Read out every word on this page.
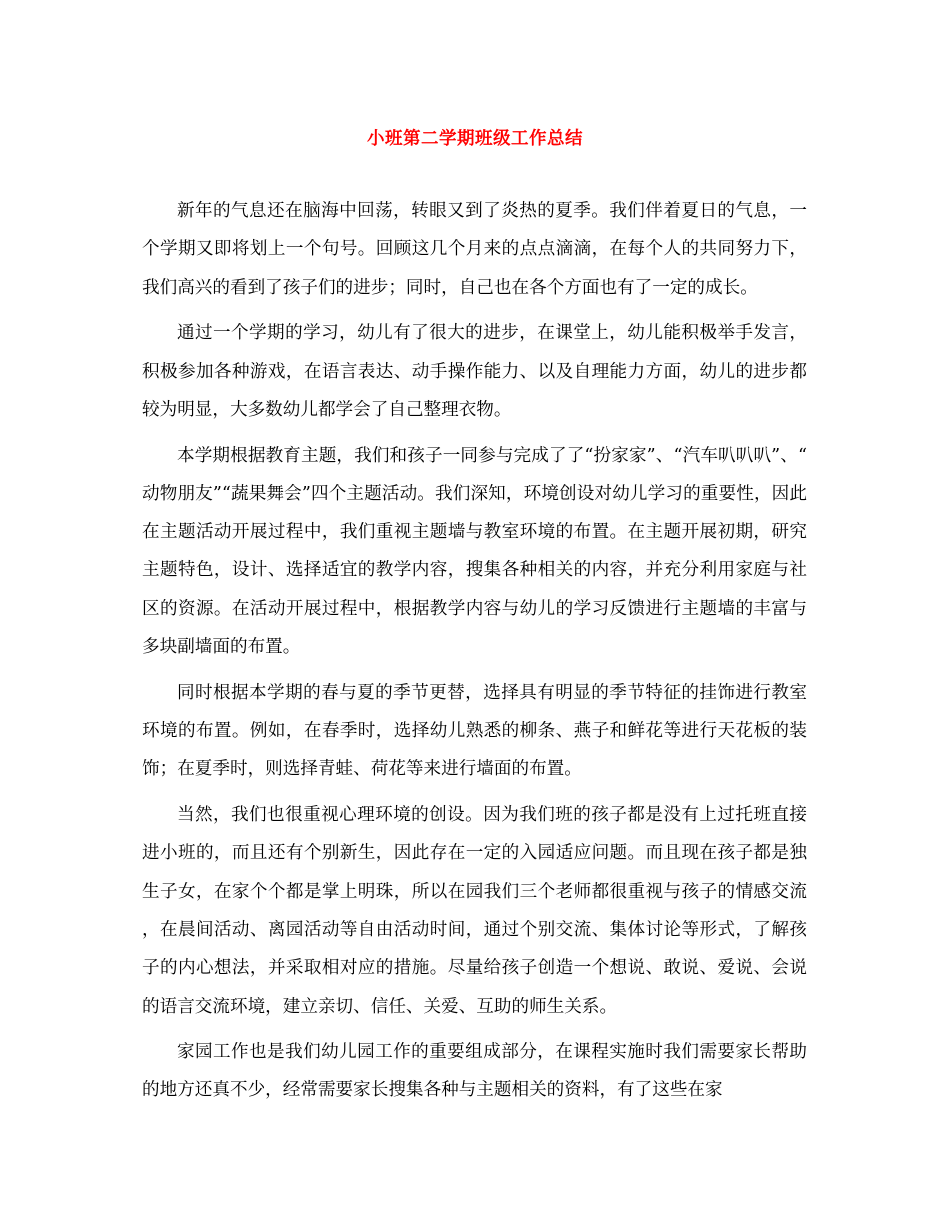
小班第二学期班级工作总结

新年的气息还在脑海中回荡，转眼又到了炎热的夏季。我们伴着夏日的气息，一个学期又即将划上一个句号。回顾这几个月来的点点滴滴，在每个人的共同努力下，我们高兴的看到了孩子们的进步；同时，自己也在各个方面也有了一定的成长。

通过一个学期的学习，幼儿有了很大的进步，在课堂上，幼儿能积极举手发言，积极参加各种游戏，在语言表达、动手操作能力、以及自理能力方面，幼儿的进步都较为明显，大多数幼儿都学会了自己整理衣物。

本学期根据教育主题，我们和孩子一同参与完成了了“扮家家”、“汽车叭叭叭”、“动物朋友”“蔬果舞会”四个主题活动。我们深知，环境创设对幼儿学习的重要性，因此在主题活动开展过程中，我们重视主题墙与教室环境的布置。在主题开展初期，研究主题特色，设计、选择适宜的教学内容，搜集各种相关的内容，并充分利用家庭与社区的资源。在活动开展过程中，根据教学内容与幼儿的学习反馈进行主题墙的丰富与多块副墙面的布置。

同时根据本学期的春与夏的季节更替，选择具有明显的季节特征的挂饰进行教室环境的布置。例如，在春季时，选择幼儿熟悉的柳条、燕子和鲜花等进行天花板的装饰；在夏季时，则选择青蛙、荷花等来进行墙面的布置。

当然，我们也很重视心理环境的创设。因为我们班的孩子都是没有上过托班直接进小班的，而且还有个别新生，因此存在一定的入园适应问题。而且现在孩子都是独生子女，在家个个都是掌上明珠，所以在园我们三个老师都很重视与孩子的情感交流，在晨间活动、离园活动等自由活动时间，通过个别交流、集体讨论等形式，了解孩子的内心想法，并采取相对应的措施。尽量给孩子创造一个想说、敢说、爱说、会说的语言交流环境，建立亲切、信任、关爱、互助的师生关系。

家园工作也是我们幼儿园工作的重要组成部分，在课程实施时我们需要家长帮助的地方还真不少，经常需要家长搜集各种与主题相关的资料，有了这些在家
